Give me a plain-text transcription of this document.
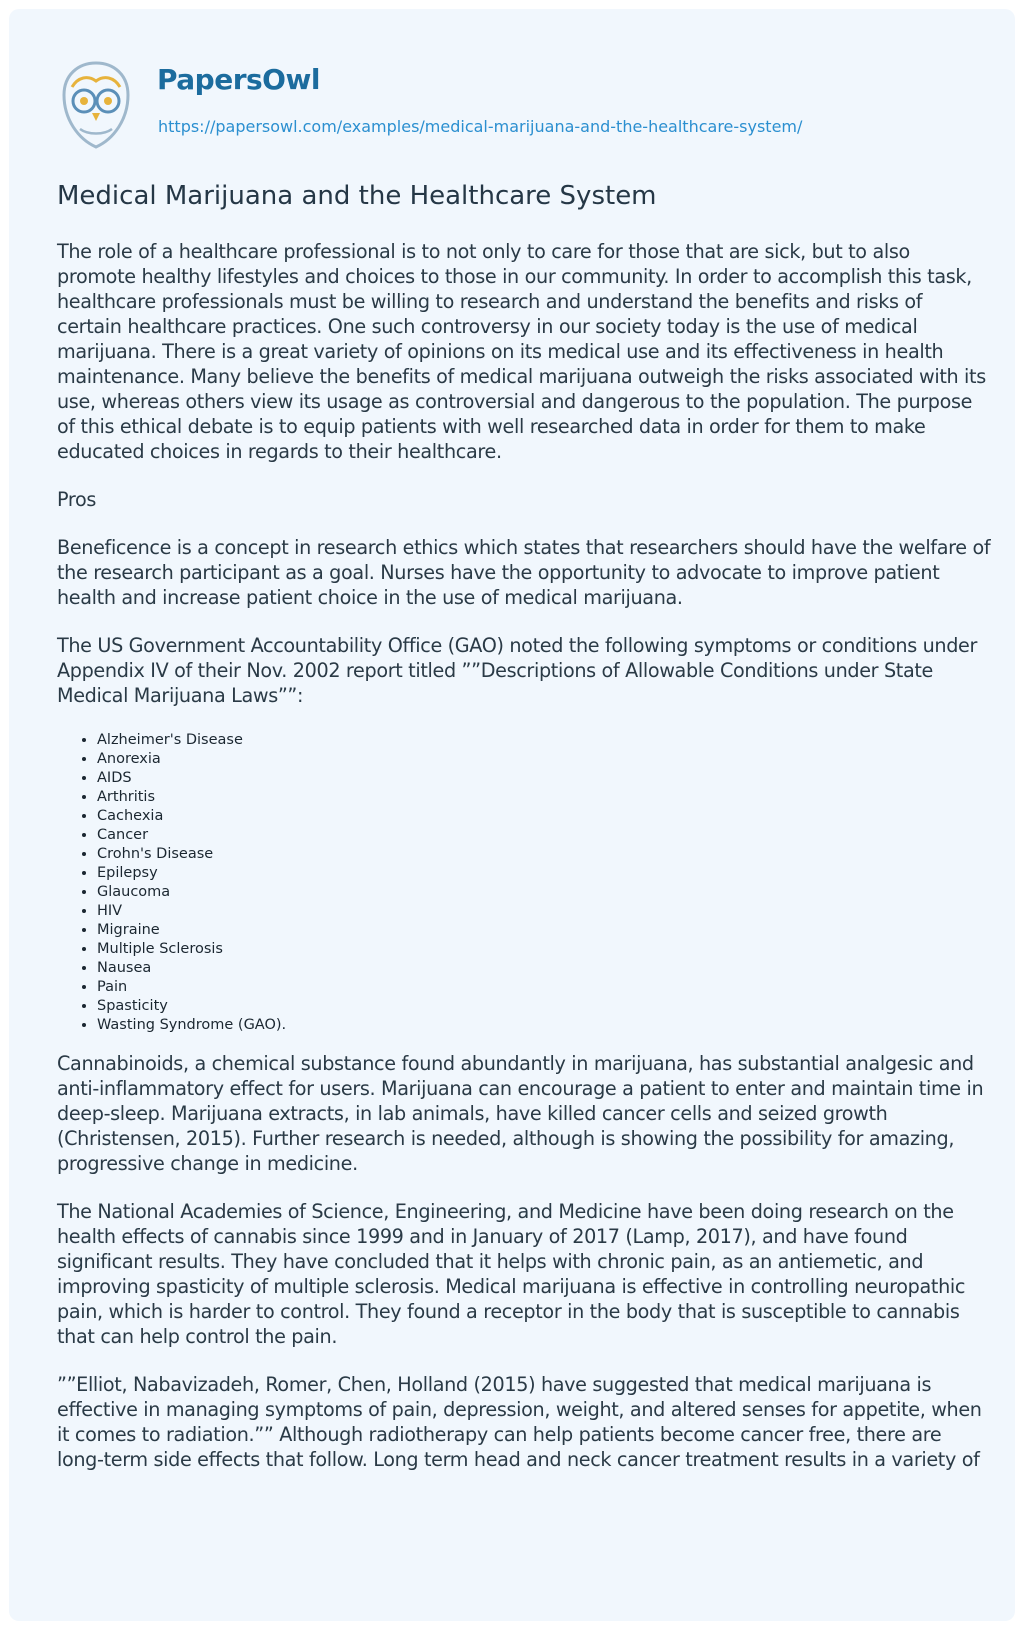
PapersOwl
https://papersowl.com/examples/medical-marijuana-and-the-healthcare-system/
Medical Marijuana and the Healthcare System

The role of a healthcare professional is to not only to care for those that are sick, but to also promote healthy lifestyles and choices to those in our community. In order to accomplish this task, healthcare professionals must be willing to research and understand the benefits and risks of certain healthcare practices. One such controversy in our society today is the use of medical marijuana. There is a great variety of opinions on its medical use and its effectiveness in health maintenance. Many believe the benefits of medical marijuana outweigh the risks associated with its use, whereas others view its usage as controversial and dangerous to the population. The purpose of this ethical debate is to equip patients with well researched data in order for them to make educated choices in regards to their healthcare.

Pros

Beneficence is a concept in research ethics which states that researchers should have the welfare of the research participant as a goal. Nurses have the opportunity to advocate to improve patient health and increase patient choice in the use of medical marijuana.

The US Government Accountability Office (GAO) noted the following symptoms or conditions under Appendix IV of their Nov. 2002 report titled ””Descriptions of Allowable Conditions under State Medical Marijuana Laws””:

• Alzheimer's Disease
• Anorexia
• AIDS
• Arthritis
• Cachexia
• Cancer
• Crohn's Disease
• Epilepsy
• Glaucoma
• HIV
• Migraine
• Multiple Sclerosis
• Nausea
• Pain
• Spasticity
• Wasting Syndrome (GAO).

Cannabinoids, a chemical substance found abundantly in marijuana, has substantial analgesic and anti-inflammatory effect for users. Marijuana can encourage a patient to enter and maintain time in deep-sleep. Marijuana extracts, in lab animals, have killed cancer cells and seized growth (Christensen, 2015). Further research is needed, although is showing the possibility for amazing, progressive change in medicine.

The National Academies of Science, Engineering, and Medicine have been doing research on the health effects of cannabis since 1999 and in January of 2017 (Lamp, 2017), and have found significant results. They have concluded that it helps with chronic pain, as an antiemetic, and improving spasticity of multiple sclerosis. Medical marijuana is effective in controlling neuropathic pain, which is harder to control. They found a receptor in the body that is susceptible to cannabis that can help control the pain.

””Elliot, Nabavizadeh, Romer, Chen, Holland (2015) have suggested that medical marijuana is effective in managing symptoms of pain, depression, weight, and altered senses for appetite, when it comes to radiation.”” Although radiotherapy can help patients become cancer free, there are long-term side effects that follow. Long term head and neck cancer treatment results in a variety of
